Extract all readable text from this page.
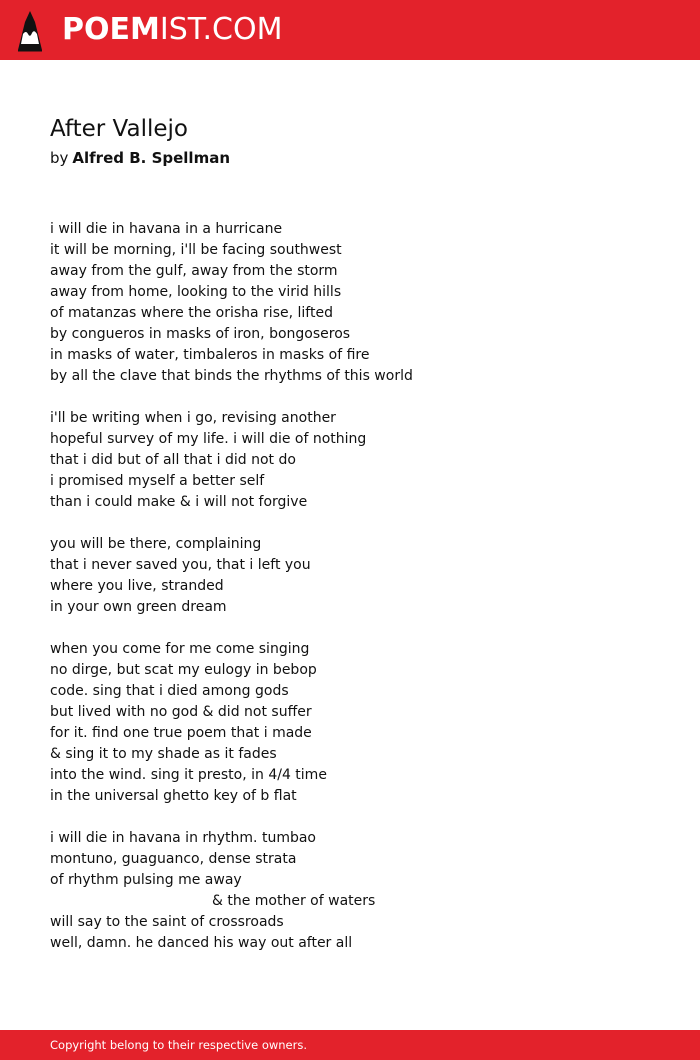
POEMIST.COM
After Vallejo
by Alfred B. Spellman
i will die in havana in a hurricane
it will be morning, i'll be facing southwest
away from the gulf, away from the storm
away from home, looking to the virid hills
of matanzas where the orisha rise, lifted
by congueros in masks of iron, bongoseros
in masks of water, timbaleros in masks of fire
by all the clave that binds the rhythms of this world
i'll be writing when i go, revising another
hopeful survey of my life. i will die of nothing
that i did but of all that i did not do
i promised myself a better self
than i could make & i will not forgive
you will be there, complaining
that i never saved you, that i left you
where you live, stranded
in your own green dream
when you come for me come singing
no dirge, but scat my eulogy in bebop
code. sing that i died among gods
but lived with no god & did not suffer
for it. find one true poem that i made
& sing it to my shade as it fades
into the wind. sing it presto, in 4/4 time
in the universal ghetto key of b flat
i will die in havana in rhythm. tumbao
montuno, guaguanco, dense strata
of rhythm pulsing me away
& the mother of waters
will say to the saint of crossroads
well, damn. he danced his way out after all
Copyright belong to their respective owners.
